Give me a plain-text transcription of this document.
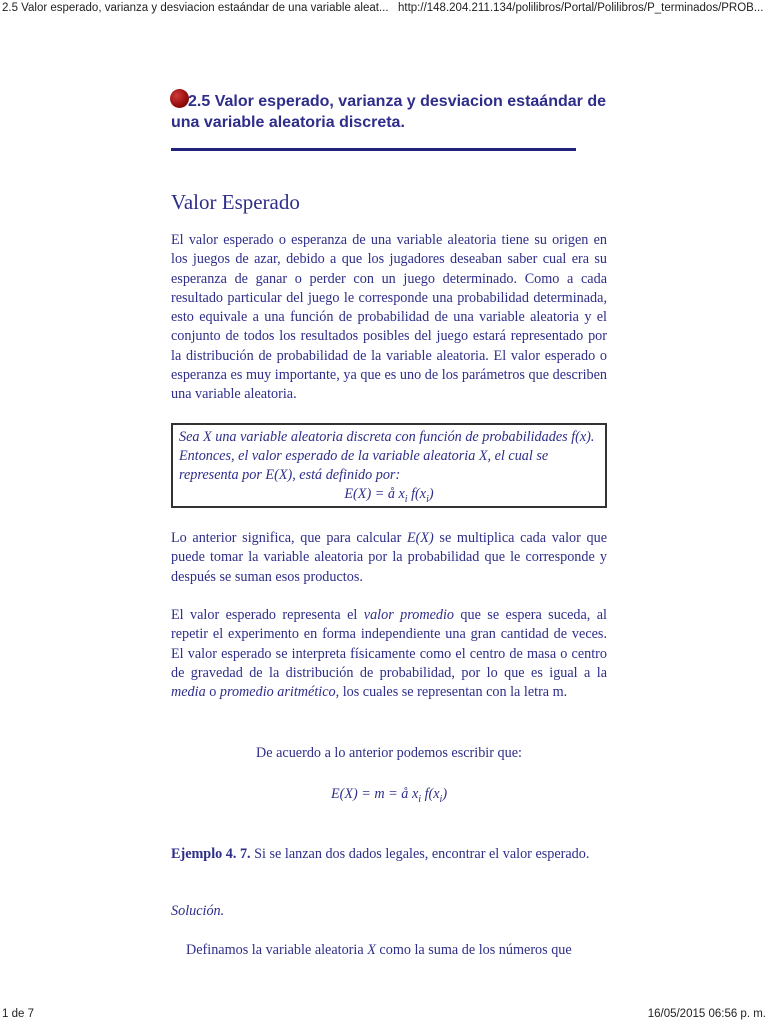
2.5 Valor esperado, varianza y desviacion estaándar de una variable aleat... http://148.204.211.134/polilibros/Portal/Polilibros/P_terminados/PROB...
2.5 Valor esperado, varianza y desviacion estaándar de una variable aleatoria discreta.
Valor Esperado
El valor esperado o esperanza de una variable aleatoria tiene su origen en los juegos de azar, debido a que los jugadores deseaban saber cual era su esperanza de ganar o perder con un juego determinado. Como a cada resultado particular del juego le corresponde una probabilidad determinada, esto equivale a una función de probabilidad de una variable aleatoria y el conjunto de todos los resultados posibles del juego estará representado por la distribución de probabilidad de la variable aleatoria. El valor esperado o esperanza es muy importante, ya que es uno de los parámetros que describen una variable aleatoria.
Sea X una variable aleatoria discreta con función de probabilidades f(x). Entonces, el valor esperado de la variable aleatoria X, el cual se representa por E(X), está definido por:
E(X) = å $x_i$ $f(x_i)$
Lo anterior significa, que para calcular E(X) se multiplica cada valor que puede tomar la variable aleatoria por la probabilidad que le corresponde y después se suman esos productos.
El valor esperado representa el valor promedio que se espera suceda, al repetir el experimento en forma independiente una gran cantidad de veces. El valor esperado se interpreta físicamente como el centro de masa o centro de gravedad de la distribución de probabilidad, por lo que es igual a la media o promedio aritmético, los cuales se representan con la letra m.
De acuerdo a lo anterior podemos escribir que:
E(X) = m = å $x_i$ $f(x_i)$
Ejemplo 4. 7. Si se lanzan dos dados legales, encontrar el valor esperado.
Solución.
Definamos la variable aleatoria X como la suma de los números que
1 de 7	16/05/2015 06:56 p. m.
